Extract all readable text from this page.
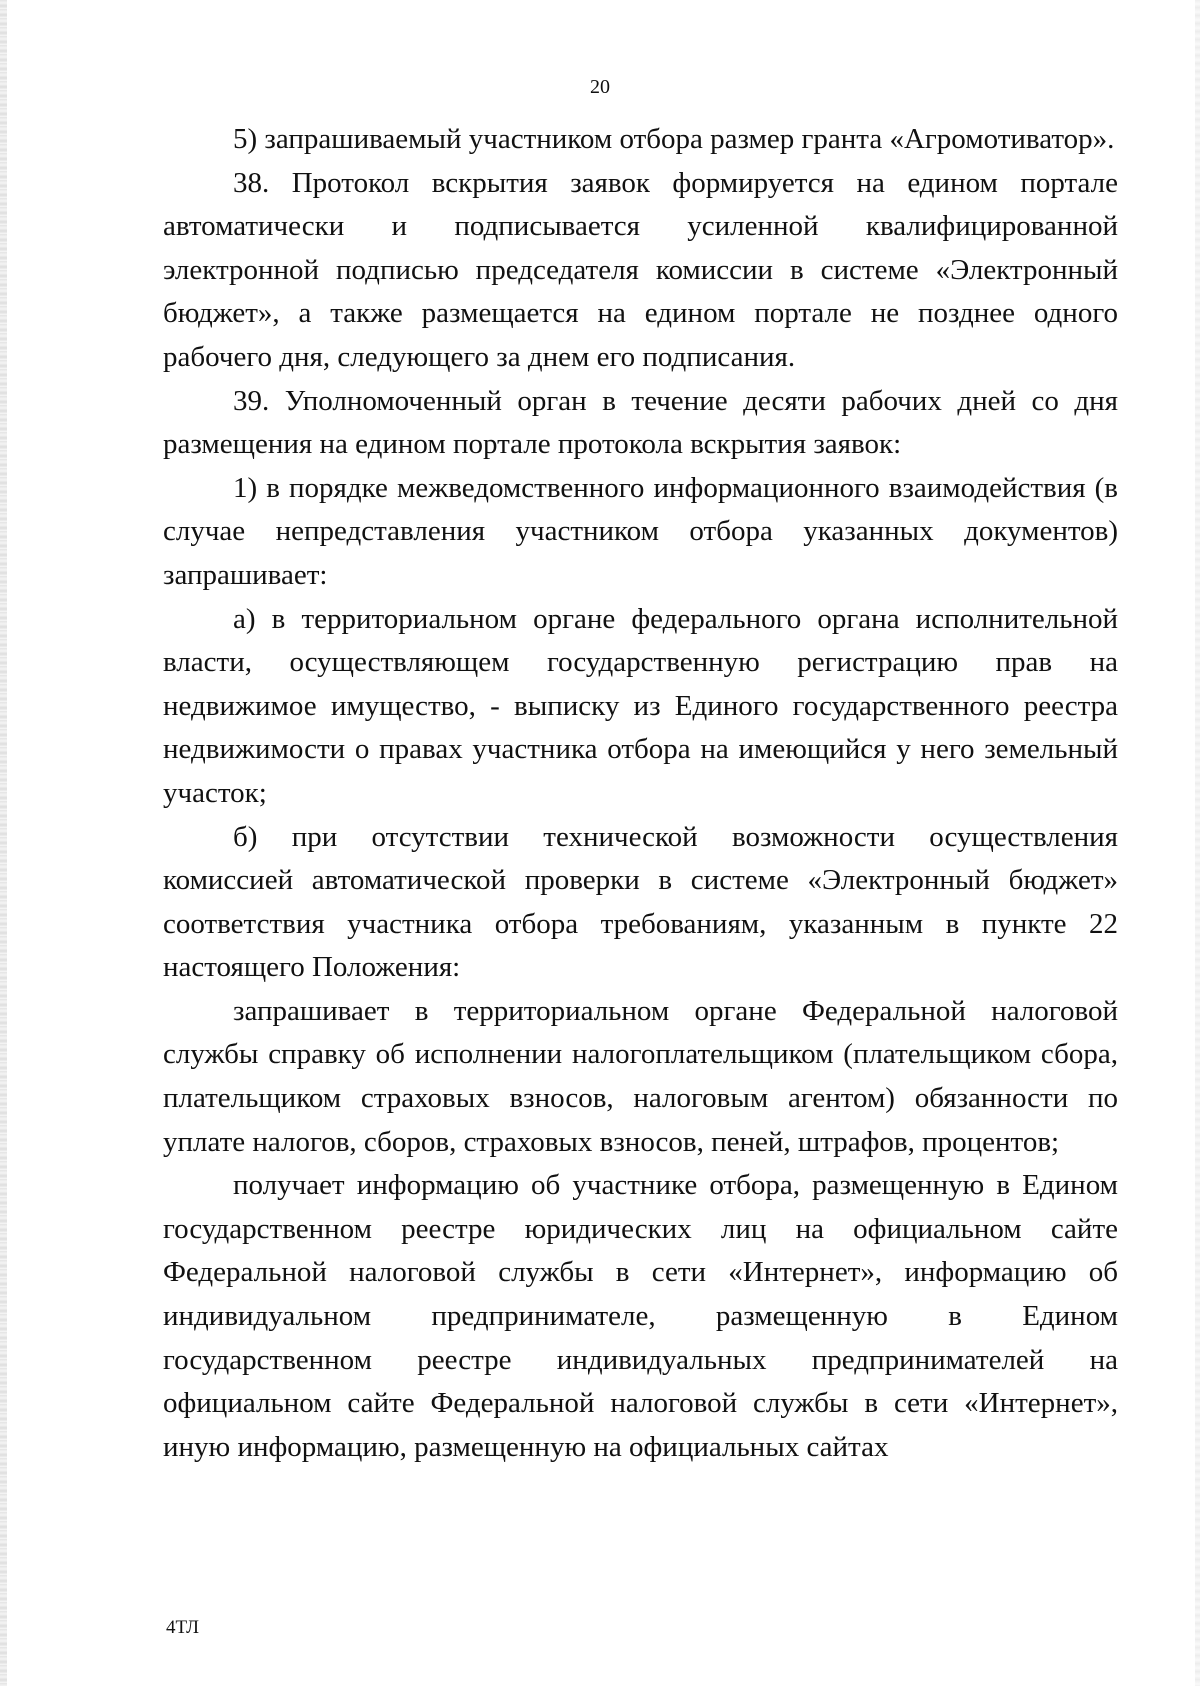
20

5) запрашиваемый участником отбора размер гранта «Агромотиватор».

38. Протокол вскрытия заявок формируется на едином портале автоматически и подписывается усиленной квалифицированной электронной подписью председателя комиссии в системе «Электронный бюджет», а также размещается на едином портале не позднее одного рабочего дня, следующего за днем его подписания.

39. Уполномоченный орган в течение десяти рабочих дней со дня размещения на едином портале протокола вскрытия заявок:

1) в порядке межведомственного информационного взаимодействия (в случае непредставления участником отбора указанных документов) запрашивает:

а) в территориальном органе федерального органа исполнительной власти, осуществляющем государственную регистрацию прав на недвижимое имущество, - выписку из Единого государственного реестра недвижимости о правах участника отбора на имеющийся у него земельный участок;

б) при отсутствии технической возможности осуществления комиссией автоматической проверки в системе «Электронный бюджет» соответствия участника отбора требованиям, указанным в пункте 22 настоящего Положения:

запрашивает в территориальном органе Федеральной налоговой службы справку об исполнении налогоплательщиком (плательщиком сбора, плательщиком страховых взносов, налоговым агентом) обязанности по уплате налогов, сборов, страховых взносов, пеней, штрафов, процентов;

получает информацию об участнике отбора, размещенную в Едином государственном реестре юридических лиц на официальном сайте Федеральной налоговой службы в сети «Интернет», информацию об индивидуальном предпринимателе, размещенную в Едином государственном реестре индивидуальных предпринимателей на официальном сайте Федеральной налоговой службы в сети «Интернет», иную информацию, размещенную на официальных сайтах

4ТЛ
